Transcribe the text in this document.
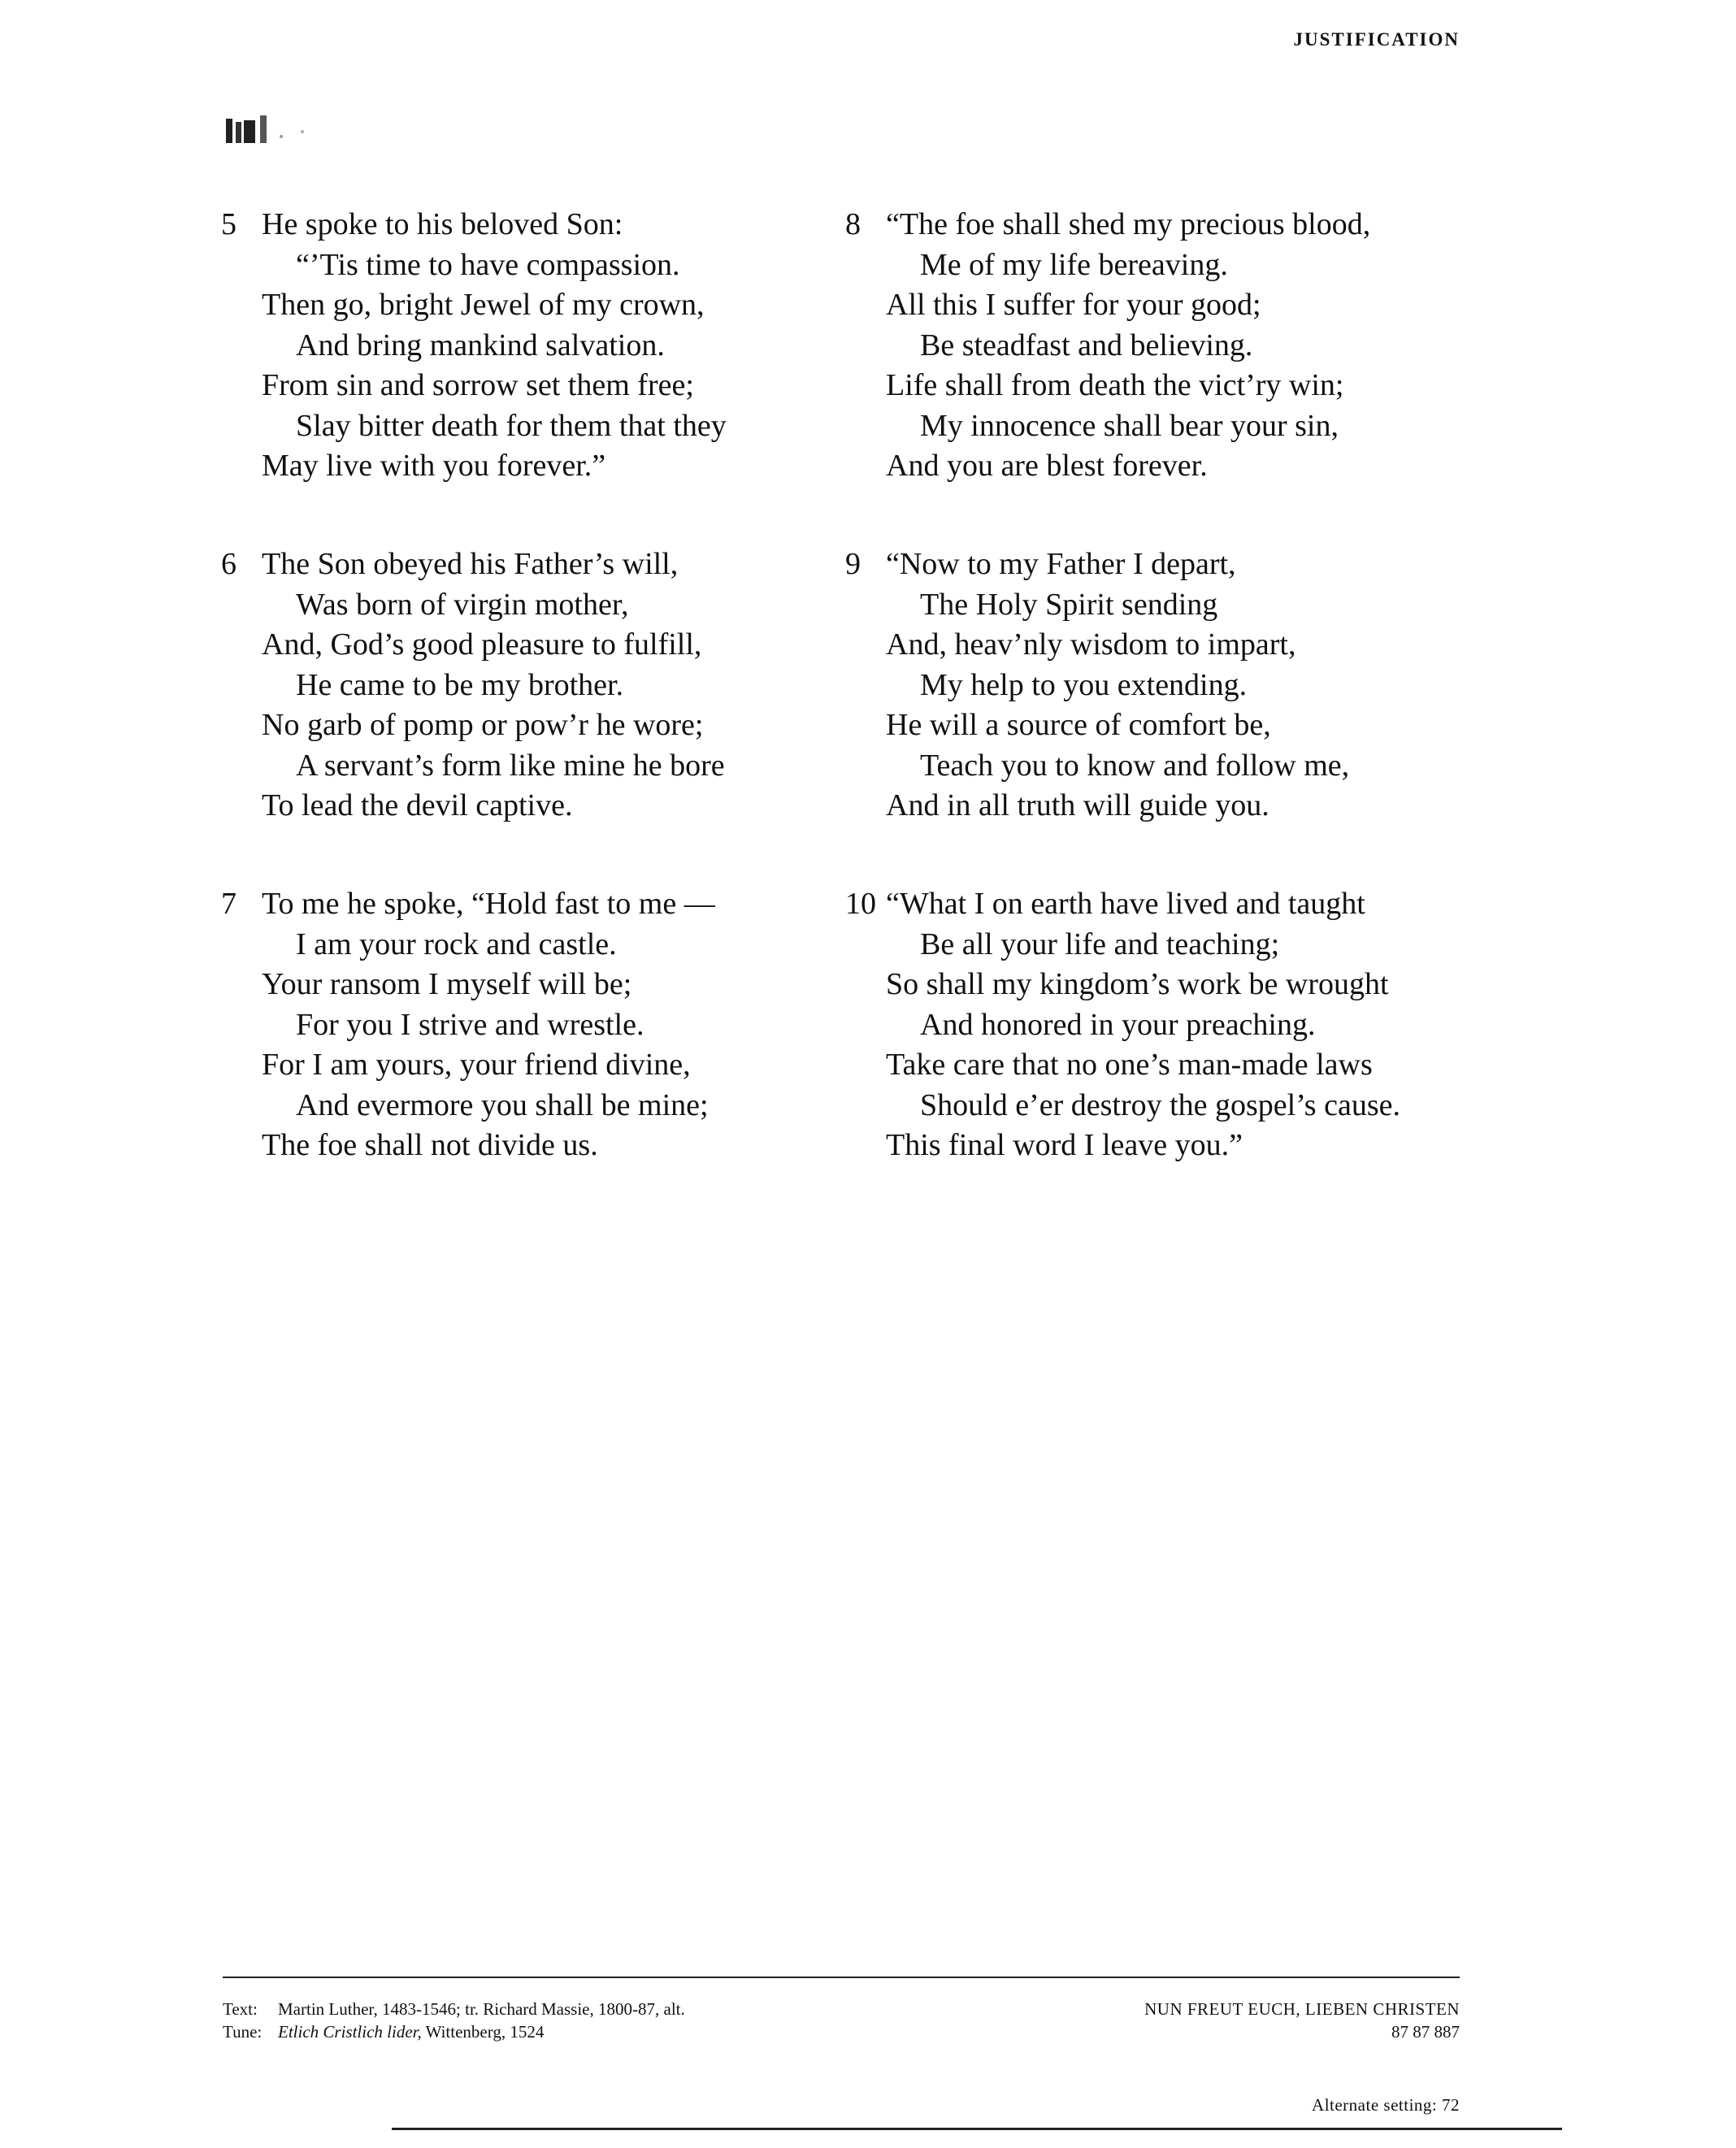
JUSTIFICATION
5 He spoke to his beloved Son:
“’Tis time to have compassion.
Then go, bright Jewel of my crown,
And bring mankind salvation.
From sin and sorrow set them free;
Slay bitter death for them that they
May live with you forever.”
6 The Son obeyed his Father’s will,
Was born of virgin mother,
And, God’s good pleasure to fulfill,
He came to be my brother.
No garb of pomp or pow’r he wore;
A servant’s form like mine he bore
To lead the devil captive.
7 To me he spoke, “Hold fast to me —
I am your rock and castle.
Your ransom I myself will be;
For you I strive and wrestle.
For I am yours, your friend divine,
And evermore you shall be mine;
The foe shall not divide us.
8 “The foe shall shed my precious blood,
Me of my life bereaving.
All this I suffer for your good;
Be steadfast and believing.
Life shall from death the vict’ry win;
My innocence shall bear your sin,
And you are blest forever.
9 “Now to my Father I depart,
The Holy Spirit sending
And, heav’nly wisdom to impart,
My help to you extending.
He will a source of comfort be,
Teach you to know and follow me,
And in all truth will guide you.
10 “What I on earth have lived and taught
Be all your life and teaching;
So shall my kingdom’s work be wrought
And honored in your preaching.
Take care that no one’s man-made laws
Should e’er destroy the gospel’s cause.
This final word I leave you.”
Text: Martin Luther, 1483-1546; tr. Richard Massie, 1800-87, alt.
Tune: Etlich Cristlich lider, Wittenberg, 1524
NUN FREUT EUCH, LIEBEN CHRISTEN
87 87 887
Alternate setting: 72
